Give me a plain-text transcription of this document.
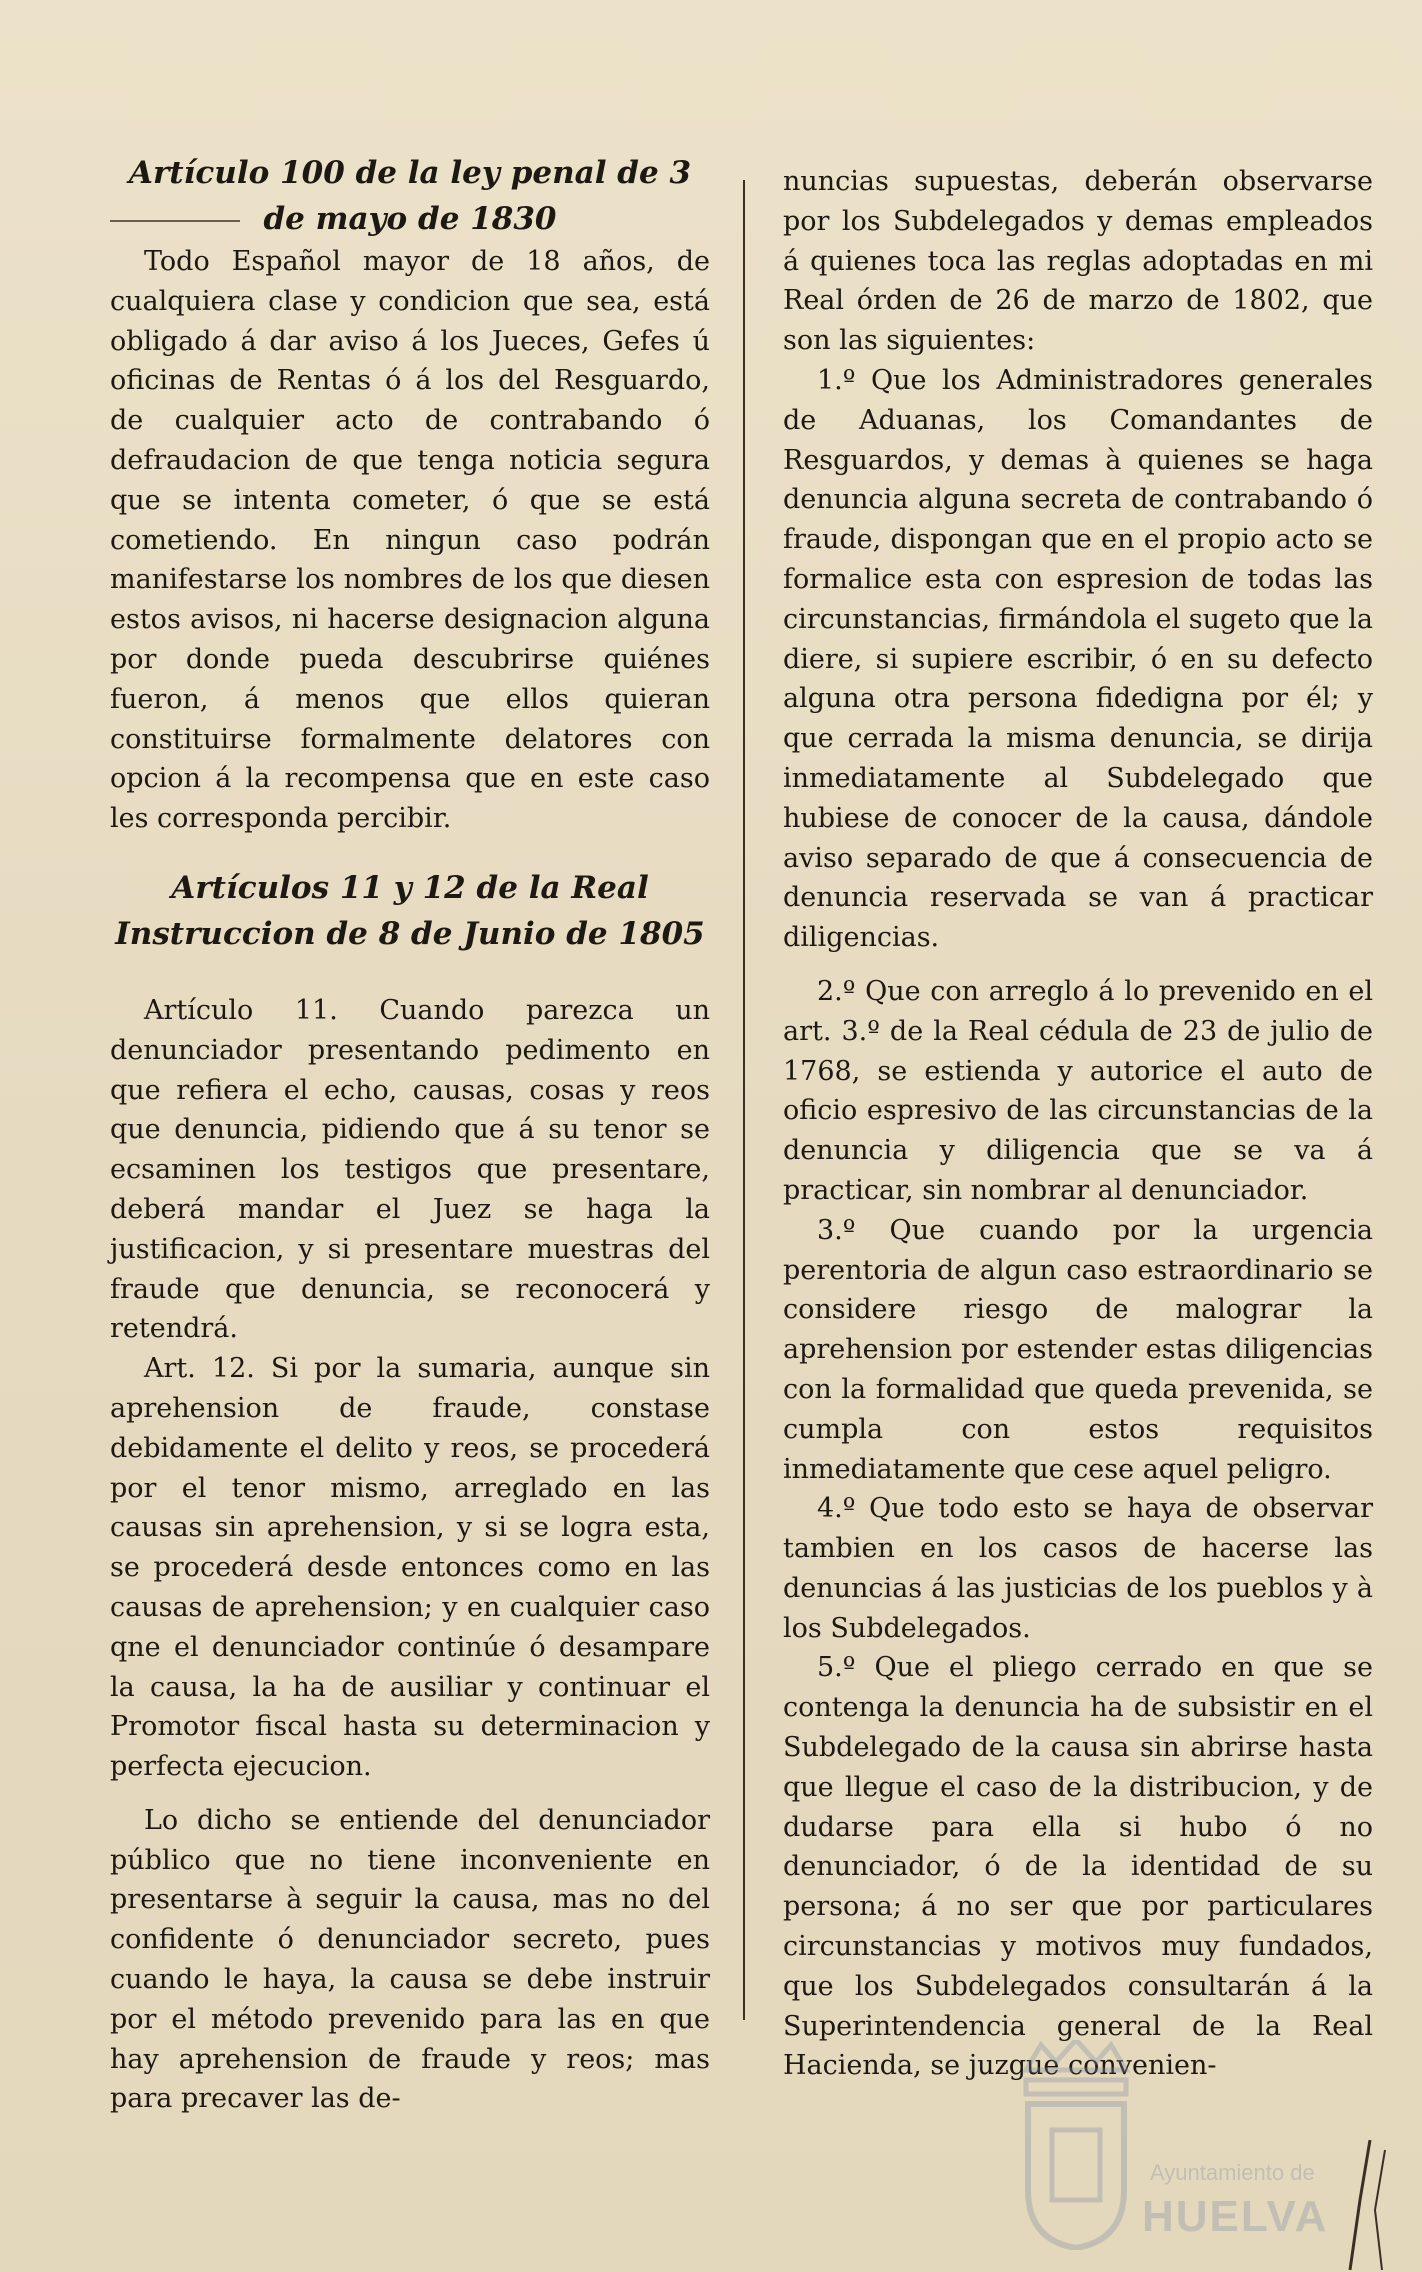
Artículo 100 de la ley penal de 3 de mayo de 1830

Todo Español mayor de 18 años, de cualquiera clase y condicion que sea, está obligado á dar aviso á los Jueces, Gefes ú oficinas de Rentas ó á los del Resguardo, de cualquier acto de contrabando ó defraudacion de que tenga noticia segura que se intenta cometer, ó que se está cometiendo. En ningun caso podrán manifestarse los nombres de los que diesen estos avisos, ni hacerse designacion alguna por donde pueda descubrirse quiénes fueron, á menos que ellos quieran constituirse formalmente delatores con opcion á la recompensa que en este caso les corresponda percibir.

Artículos 11 y 12 de la Real Instruccion de 8 de Junio de 1805

Artículo 11. Cuando parezca un denunciador presentando pedimento en que refiera el echo, causas, cosas y reos que denuncia, pidiendo que á su tenor se ecsaminen los testigos que presentare, deberá mandar el Juez se haga la justificacion, y si presentare muestras del fraude que denuncia, se reconocerá y retendrá.

Art. 12. Si por la sumaria, aunque sin aprehension de fraude, constase debidamente el delito y reos, se procederá por el tenor mismo, arreglado en las causas sin aprehension, y si se logra esta, se procederá desde entonces como en las causas de aprehension; y en cualquier caso qne el denunciador continúe ó desampare la causa, la ha de ausiliar y continuar el Promotor fiscal hasta su determinacion y perfecta ejecucion.

Lo dicho se entiende del denunciador público que no tiene inconveniente en presentarse à seguir la causa, mas no del confidente ó denunciador secreto, pues cuando le haya, la causa se debe instruir por el método prevenido para las en que hay aprehension de fraude y reos; mas para precaver las de-

nuncias supuestas, deberán observarse por los Subdelegados y demas empleados á quienes toca las reglas adoptadas en mi Real órden de 26 de marzo de 1802, que son las siguientes:

1.º Que los Administradores generales de Aduanas, los Comandantes de Resguardos, y demas à quienes se haga denuncia alguna secreta de contrabando ó fraude, dispongan que en el propio acto se formalice esta con espresion de todas las circunstancias, firmándola el sugeto que la diere, si supiere escribir, ó en su defecto alguna otra persona fidedigna por él; y que cerrada la misma denuncia, se dirija inmediatamente al Subdelegado que hubiese de conocer de la causa, dándole aviso separado de que á consecuencia de denuncia reservada se van á practicar diligencias.

2.º Que con arreglo á lo prevenido en el art. 3.º de la Real cédula de 23 de julio de 1768, se estienda y autorice el auto de oficio espresivo de las circunstancias de la denuncia y diligencia que se va á practicar, sin nombrar al denunciador.

3.º Que cuando por la urgencia perentoria de algun caso estraordinario se considere riesgo de malograr la aprehension por estender estas diligencias con la formalidad que queda prevenida, se cumpla con estos requisitos inmediatamente que cese aquel peligro.

4.º Que todo esto se haya de observar tambien en los casos de hacerse las denuncias á las justicias de los pueblos y à los Subdelegados.

5.º Que el pliego cerrado en que se contenga la denuncia ha de subsistir en el Subdelegado de la causa sin abrirse hasta que llegue el caso de la distribucion, y de dudarse para ella si hubo ó no denunciador, ó de la identidad de su persona; á no ser que por particulares circunstancias y motivos muy fundados, que los Subdelegados consultarán á la Superintendencia general de la Real Hacienda, se juzgue convenien-

Ayuntamiento de
HUELVA
